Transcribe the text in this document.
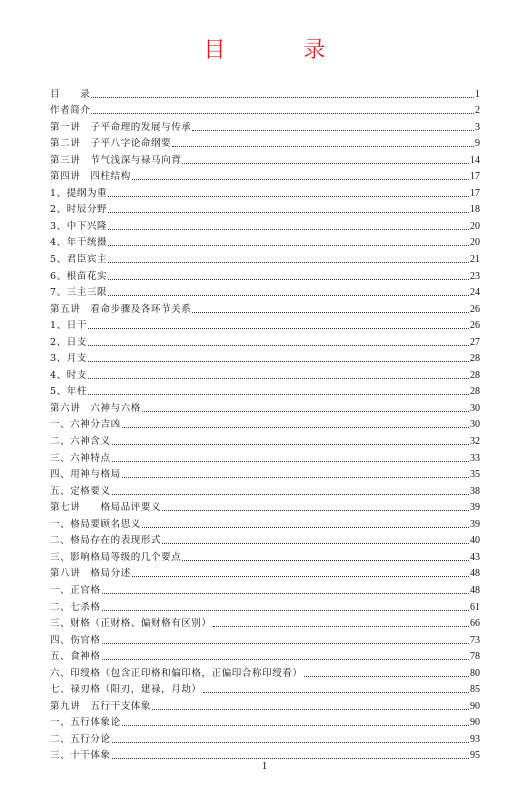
目　录
目　　录	1
作者简介	2
第一讲　子平命理的发展与传承	3
第二讲　子平八字论命纲要	9
第三讲　节气浅深与禄马向背	14
第四讲　四柱结构	17
1、提纲为重	17
2、时辰分野	18
3、中下兴隆	20
4、年干统摄	20
5、君臣宾主	21
6、根苗花实	23
7、三主三限	24
第五讲　看命步骤及各环节关系	26
1、日干	26
2、日支	27
3、月支	28
4、时支	28
5、年柱	28
第六讲　六神与六格	30
一、六神分吉凶	30
二、六神含义	32
三、六神特点	33
四、用神与格局	35
五、定格要义	38
第七讲　　格局品评要义	39
一、格局要顾名思义	39
二、格局存在的表现形式	40
三、影响格局等级的几个要点	43
第八讲　格局分述	48
一、正官格	48
二、七杀格	61
三、财格（正财格、偏财格有区别）	66
四、伤官格	73
五、食神格	78
六、印绶格（包含正印格和偏印格，正偏印合称印绶看）	80
七、禄刃格（阳刃，建禄，月劫）	85
第九讲　五行干支体象	90
一、五行体象论	90
二、五行分论	93
三、十干体象	95
1
